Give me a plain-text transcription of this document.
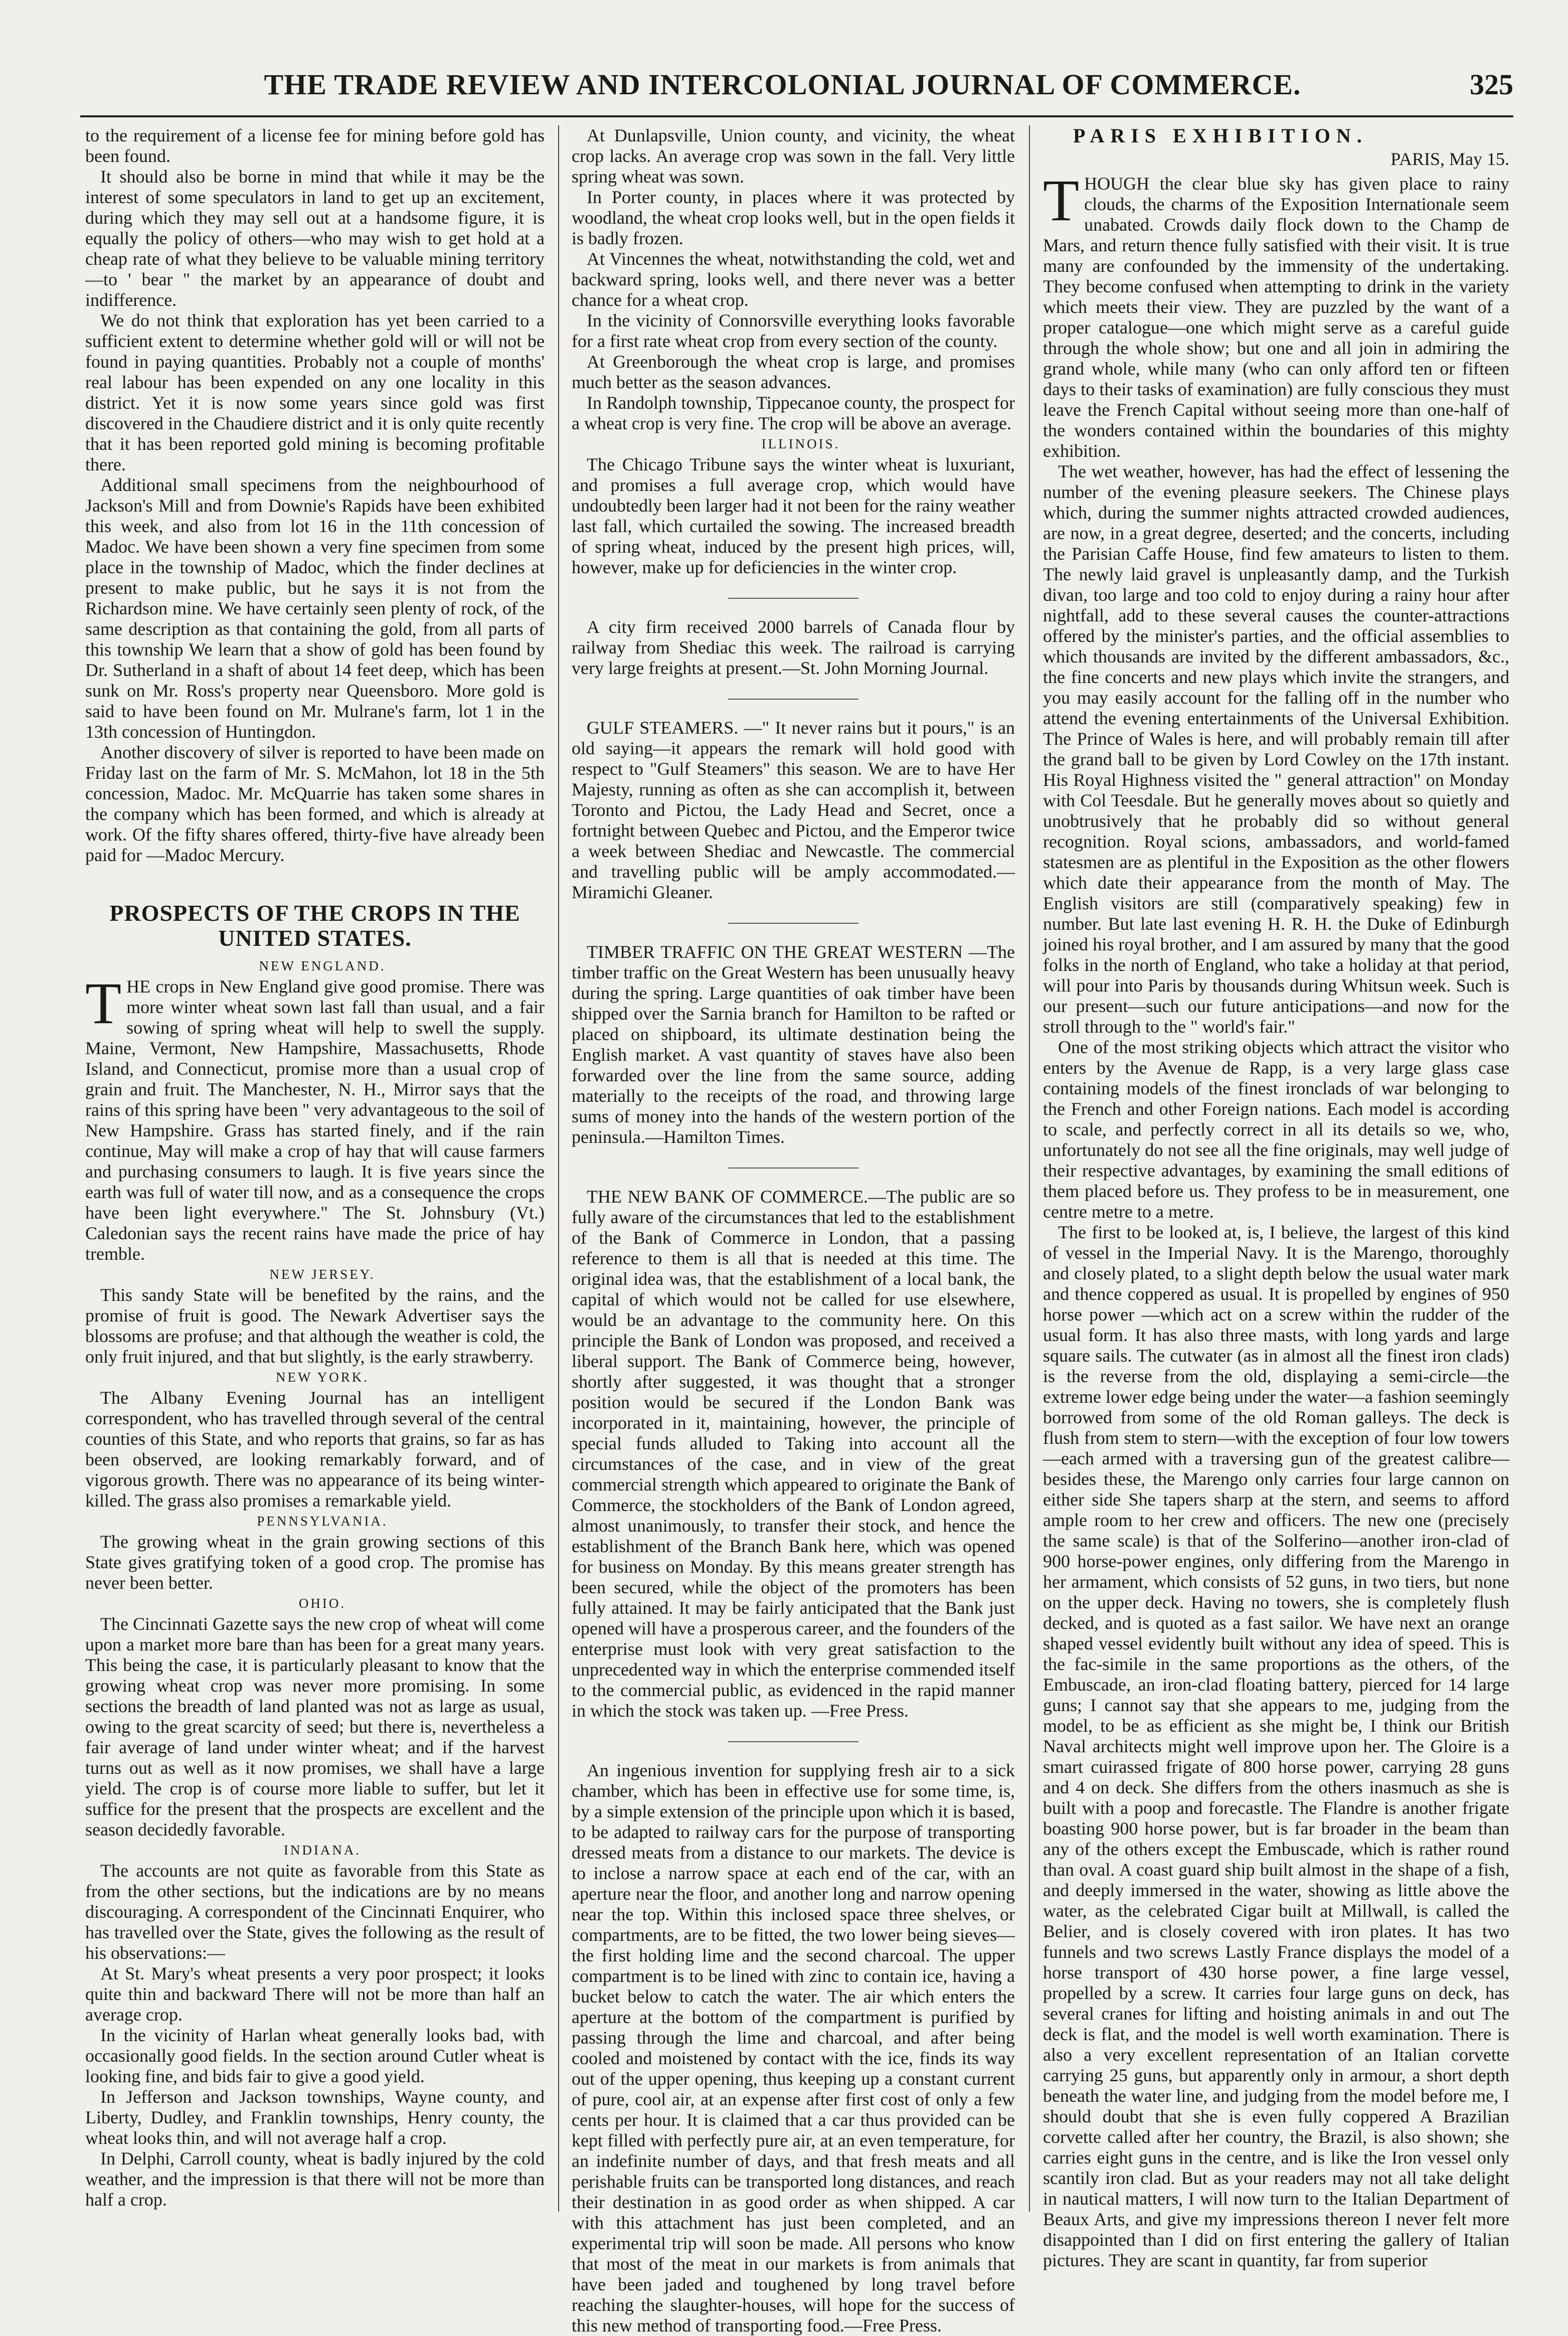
THE TRADE REVIEW AND INTERCOLONIAL JOURNAL OF COMMERCE.	325

to the requirement of a license fee for mining before gold has been found.

It should also be borne in mind that while it may be the interest of some speculators in land to get up an excitement, during which they may sell out at a handsome figure, it is equally the policy of others—who may wish to get hold at a cheap rate of what they believe to be valuable mining territory—to ' bear '' the market by an appearance of doubt and indifference.

We do not think that exploration has yet been carried to a sufficient extent to determine whether gold will or will not be found in paying quantities. Probably not a couple of months' real labour has been expended on any one locality in this district. Yet it is now some years since gold was first discovered in the Chaudiere district and it is only quite recently that it has been reported gold mining is becoming profitable there.

Additional small specimens from the neighbourhood of Jackson's Mill and from Downie's Rapids have been exhibited this week, and also from lot 16 in the 11th concession of Madoc. We have been shown a very fine specimen from some place in the township of Madoc, which the finder declines at present to make public, but he says it is not from the Richardson mine. We have certainly seen plenty of rock, of the same description as that containing the gold, from all parts of this township We learn that a show of gold has been found by Dr. Sutherland in a shaft of about 14 feet deep, which has been sunk on Mr. Ross's property near Queensboro. More gold is said to have been found on Mr. Mulrane's farm, lot 1 in the 13th concession of Huntingdon.

Another discovery of silver is reported to have been made on Friday last on the farm of Mr. S. McMahon, lot 18 in the 5th concession, Madoc. Mr. McQuarrie has taken some shares in the company which has been formed, and which is already at work. Of the fifty shares offered, thirty-five have already been paid for —Madoc Mercury.

PROSPECTS OF THE CROPS IN THE UNITED STATES.

NEW ENGLAND.

THE crops in New England give good promise. There was more winter wheat sown last fall than usual, and a fair sowing of spring wheat will help to swell the supply. Maine, Vermont, New Hampshire, Massachusetts, Rhode Island, and Connecticut, promise more than a usual crop of grain and fruit. The Manchester, N. H., Mirror says that the rains of this spring have been '' very advantageous to the soil of New Hampshire. Grass has started finely, and if the rain continue, May will make a crop of hay that will cause farmers and purchasing consumers to laugh. It is five years since the earth was full of water till now, and as a consequence the crops have been light everywhere." The St. Johnsbury (Vt.) Caledonian says the recent rains have made the price of hay tremble.

NEW JERSEY.

This sandy State will be benefited by the rains, and the promise of fruit is good. The Newark Advertiser says the blossoms are profuse; and that although the weather is cold, the only fruit injured, and that but slightly, is the early strawberry.

NEW YORK.

The Albany Evening Journal has an intelligent correspondent, who has travelled through several of the central counties of this State, and who reports that grains, so far as has been observed, are looking remarkably forward, and of vigorous growth. There was no appearance of its being winter-killed. The grass also promises a remarkable yield.

PENNSYLVANIA.

The growing wheat in the grain growing sections of this State gives gratifying token of a good crop. The promise has never been better.

OHIO.

The Cincinnati Gazette says the new crop of wheat will come upon a market more bare than has been for a great many years. This being the case, it is particularly pleasant to know that the growing wheat crop was never more promising. In some sections the breadth of land planted was not as large as usual, owing to the great scarcity of seed; but there is, nevertheless a fair average of land under winter wheat; and if the harvest turns out as well as it now promises, we shall have a large yield. The crop is of course more liable to suffer, but let it suffice for the present that the prospects are excellent and the season decidedly favorable.

INDIANA.

The accounts are not quite as favorable from this State as from the other sections, but the indications are by no means discouraging. A correspondent of the Cincinnati Enquirer, who has travelled over the State, gives the following as the result of his observations:—

At St. Mary's wheat presents a very poor prospect; it looks quite thin and backward There will not be more than half an average crop.

In the vicinity of Harlan wheat generally looks bad, with occasionally good fields. In the section around Cutler wheat is looking fine, and bids fair to give a good yield.

In Jefferson and Jackson townships, Wayne county, and Liberty, Dudley, and Franklin townships, Henry county, the wheat looks thin, and will not average half a crop.

In Delphi, Carroll county, wheat is badly injured by the cold weather, and the impression is that there will not be more than half a crop.

At Dunlapsville, Union county, and vicinity, the wheat crop lacks. An average crop was sown in the fall. Very little spring wheat was sown.

In Porter county, in places where it was protected by woodland, the wheat crop looks well, but in the open fields it is badly frozen.

At Vincennes the wheat, notwithstanding the cold, wet and backward spring, looks well, and there never was a better chance for a wheat crop.

In the vicinity of Connorsville everything looks favorable for a first rate wheat crop from every section of the county.

At Greenborough the wheat crop is large, and promises much better as the season advances.

In Randolph township, Tippecanoe county, the prospect for a wheat crop is very fine. The crop will be above an average.

ILLINOIS.

The Chicago Tribune says the winter wheat is luxuriant, and promises a full average crop, which would have undoubtedly been larger had it not been for the rainy weather last fall, which curtailed the sowing. The increased breadth of spring wheat, induced by the present high prices, will, however, make up for deficiencies in the winter crop.

A city firm received 2000 barrels of Canada flour by railway from Shediac this week. The railroad is carrying very large freights at present.—St. John Morning Journal.

GULF STEAMERS. —" It never rains but it pours," is an old saying—it appears the remark will hold good with respect to "Gulf Steamers" this season. We are to have Her Majesty, running as often as she can accomplish it, between Toronto and Pictou, the Lady Head and Secret, once a fortnight between Quebec and Pictou, and the Emperor twice a week between Shediac and Newcastle. The commercial and travelling public will be amply accommodated.—Miramichi Gleaner.

TIMBER TRAFFIC ON THE GREAT WESTERN —The timber traffic on the Great Western has been unusually heavy during the spring. Large quantities of oak timber have been shipped over the Sarnia branch for Hamilton to be rafted or placed on shipboard, its ultimate destination being the English market. A vast quantity of staves have also been forwarded over the line from the same source, adding materially to the receipts of the road, and throwing large sums of money into the hands of the western portion of the peninsula.—Hamilton Times.

THE NEW BANK OF COMMERCE.—The public are so fully aware of the circumstances that led to the establishment of the Bank of Commerce in London, that a passing reference to them is all that is needed at this time. The original idea was, that the establishment of a local bank, the capital of which would not be called for use elsewhere, would be an advantage to the community here. On this principle the Bank of London was proposed, and received a liberal support. The Bank of Commerce being, however, shortly after suggested, it was thought that a stronger position would be secured if the London Bank was incorporated in it, maintaining, however, the principle of special funds alluded to Taking into account all the circumstances of the case, and in view of the great commercial strength which appeared to originate the Bank of Commerce, the stockholders of the Bank of London agreed, almost unanimously, to transfer their stock, and hence the establishment of the Branch Bank here, which was opened for business on Monday. By this means greater strength has been secured, while the object of the promoters has been fully attained. It may be fairly anticipated that the Bank just opened will have a prosperous career, and the founders of the enterprise must look with very great satisfaction to the unprecedented way in which the enterprise commended itself to the commercial public, as evidenced in the rapid manner in which the stock was taken up. —Free Press.

An ingenious invention for supplying fresh air to a sick chamber, which has been in effective use for some time, is, by a simple extension of the principle upon which it is based, to be adapted to railway cars for the purpose of transporting dressed meats from a distance to our markets. The device is to inclose a narrow space at each end of the car, with an aperture near the floor, and another long and narrow opening near the top. Within this inclosed space three shelves, or compartments, are to be fitted, the two lower being sieves—the first holding lime and the second charcoal. The upper compartment is to be lined with zinc to contain ice, having a bucket below to catch the water. The air which enters the aperture at the bottom of the compartment is purified by passing through the lime and charcoal, and after being cooled and moistened by contact with the ice, finds its way out of the upper opening, thus keeping up a constant current of pure, cool air, at an expense after first cost of only a few cents per hour. It is claimed that a car thus provided can be kept filled with perfectly pure air, at an even temperature, for an indefinite number of days, and that fresh meats and all perishable fruits can be transported long distances, and reach their destination in as good order as when shipped. A car with this attachment has just been completed, and an experimental trip will soon be made. All persons who know that most of the meat in our markets is from animals that have been jaded and toughened by long travel before reaching the slaughter-houses, will hope for the success of this new method of transporting food.—Free Press.

PARIS EXHIBITION.
PARIS, May 15.

THOUGH the clear blue sky has given place to rainy clouds, the charms of the Exposition Internationale seem unabated. Crowds daily flock down to the Champ de Mars, and return thence fully satisfied with their visit. It is true many are confounded by the immensity of the undertaking. They become confused when attempting to drink in the variety which meets their view. They are puzzled by the want of a proper catalogue—one which might serve as a careful guide through the whole show; but one and all join in admiring the grand whole, while many (who can only afford ten or fifteen days to their tasks of examination) are fully conscious they must leave the French Capital without seeing more than one-half of the wonders contained within the boundaries of this mighty exhibition.

The wet weather, however, has had the effect of lessening the number of the evening pleasure seekers. The Chinese plays which, during the summer nights attracted crowded audiences, are now, in a great degree, deserted; and the concerts, including the Parisian Caffe House, find few amateurs to listen to them. The newly laid gravel is unpleasantly damp, and the Turkish divan, too large and too cold to enjoy during a rainy hour after nightfall, add to these several causes the counter-attractions offered by the minister's parties, and the official assemblies to which thousands are invited by the different ambassadors, &c., the fine concerts and new plays which invite the strangers, and you may easily account for the falling off in the number who attend the evening entertainments of the Universal Exhibition. The Prince of Wales is here, and will probably remain till after the grand ball to be given by Lord Cowley on the 17th instant. His Royal Highness visited the " general attraction" on Monday with Col Teesdale. But he generally moves about so quietly and unobtrusively that he probably did so without general recognition. Royal scions, ambassadors, and world-famed statesmen are as plentiful in the Exposition as the other flowers which date their appearance from the month of May. The English visitors are still (comparatively speaking) few in number. But late last evening H. R. H. the Duke of Edinburgh joined his royal brother, and I am assured by many that the good folks in the north of England, who take a holiday at that period, will pour into Paris by thousands during Whitsun week. Such is our present—such our future anticipations—and now for the stroll through to the " world's fair."

One of the most striking objects which attract the visitor who enters by the Avenue de Rapp, is a very large glass case containing models of the finest ironclads of war belonging to the French and other Foreign nations. Each model is according to scale, and perfectly correct in all its details so we, who, unfortunately do not see all the fine originals, may well judge of their respective advantages, by examining the small editions of them placed before us. They profess to be in measurement, one centre metre to a metre.

The first to be looked at, is, I believe, the largest of this kind of vessel in the Imperial Navy. It is the Marengo, thoroughly and closely plated, to a slight depth below the usual water mark and thence coppered as usual. It is propelled by engines of 950 horse power —which act on a screw within the rudder of the usual form. It has also three masts, with long yards and large square sails. The cutwater (as in almost all the finest iron clads) is the reverse from the old, displaying a semi-circle—the extreme lower edge being under the water—a fashion seemingly borrowed from some of the old Roman galleys. The deck is flush from stem to stern—with the exception of four low towers—each armed with a traversing gun of the greatest calibre—besides these, the Marengo only carries four large cannon on either side She tapers sharp at the stern, and seems to afford ample room to her crew and officers. The new one (precisely the same scale) is that of the Solferino—another iron-clad of 900 horse-power engines, only differing from the Marengo in her armament, which consists of 52 guns, in two tiers, but none on the upper deck. Having no towers, she is completely flush decked, and is quoted as a fast sailor. We have next an orange shaped vessel evidently built without any idea of speed. This is the fac-simile in the same proportions as the others, of the Embuscade, an iron-clad floating battery, pierced for 14 large guns; I cannot say that she appears to me, judging from the model, to be as efficient as she might be, I think our British Naval architects might well improve upon her. The Gloire is a smart cuirassed frigate of 800 horse power, carrying 28 guns and 4 on deck. She differs from the others inasmuch as she is built with a poop and forecastle. The Flandre is another frigate boasting 900 horse power, but is far broader in the beam than any of the others except the Embuscade, which is rather round than oval. A coast guard ship built almost in the shape of a fish, and deeply immersed in the water, showing as little above the water, as the celebrated Cigar built at Millwall, is called the Belier, and is closely covered with iron plates. It has two funnels and two screws Lastly France displays the model of a horse transport of 430 horse power, a fine large vessel, propelled by a screw. It carries four large guns on deck, has several cranes for lifting and hoisting animals in and out The deck is flat, and the model is well worth examination. There is also a very excellent representation of an Italian corvette carrying 25 guns, but apparently only in armour, a short depth beneath the water line, and judging from the model before me, I should doubt that she is even fully coppered A Brazilian corvette called after her country, the Brazil, is also shown; she carries eight guns in the centre, and is like the Iron vessel only scantily iron clad. But as your readers may not all take delight in nautical matters, I will now turn to the Italian Department of Beaux Arts, and give my impressions thereon I never felt more disappointed than I did on first entering the gallery of Italian pictures. They are scant in quantity, far from superior
